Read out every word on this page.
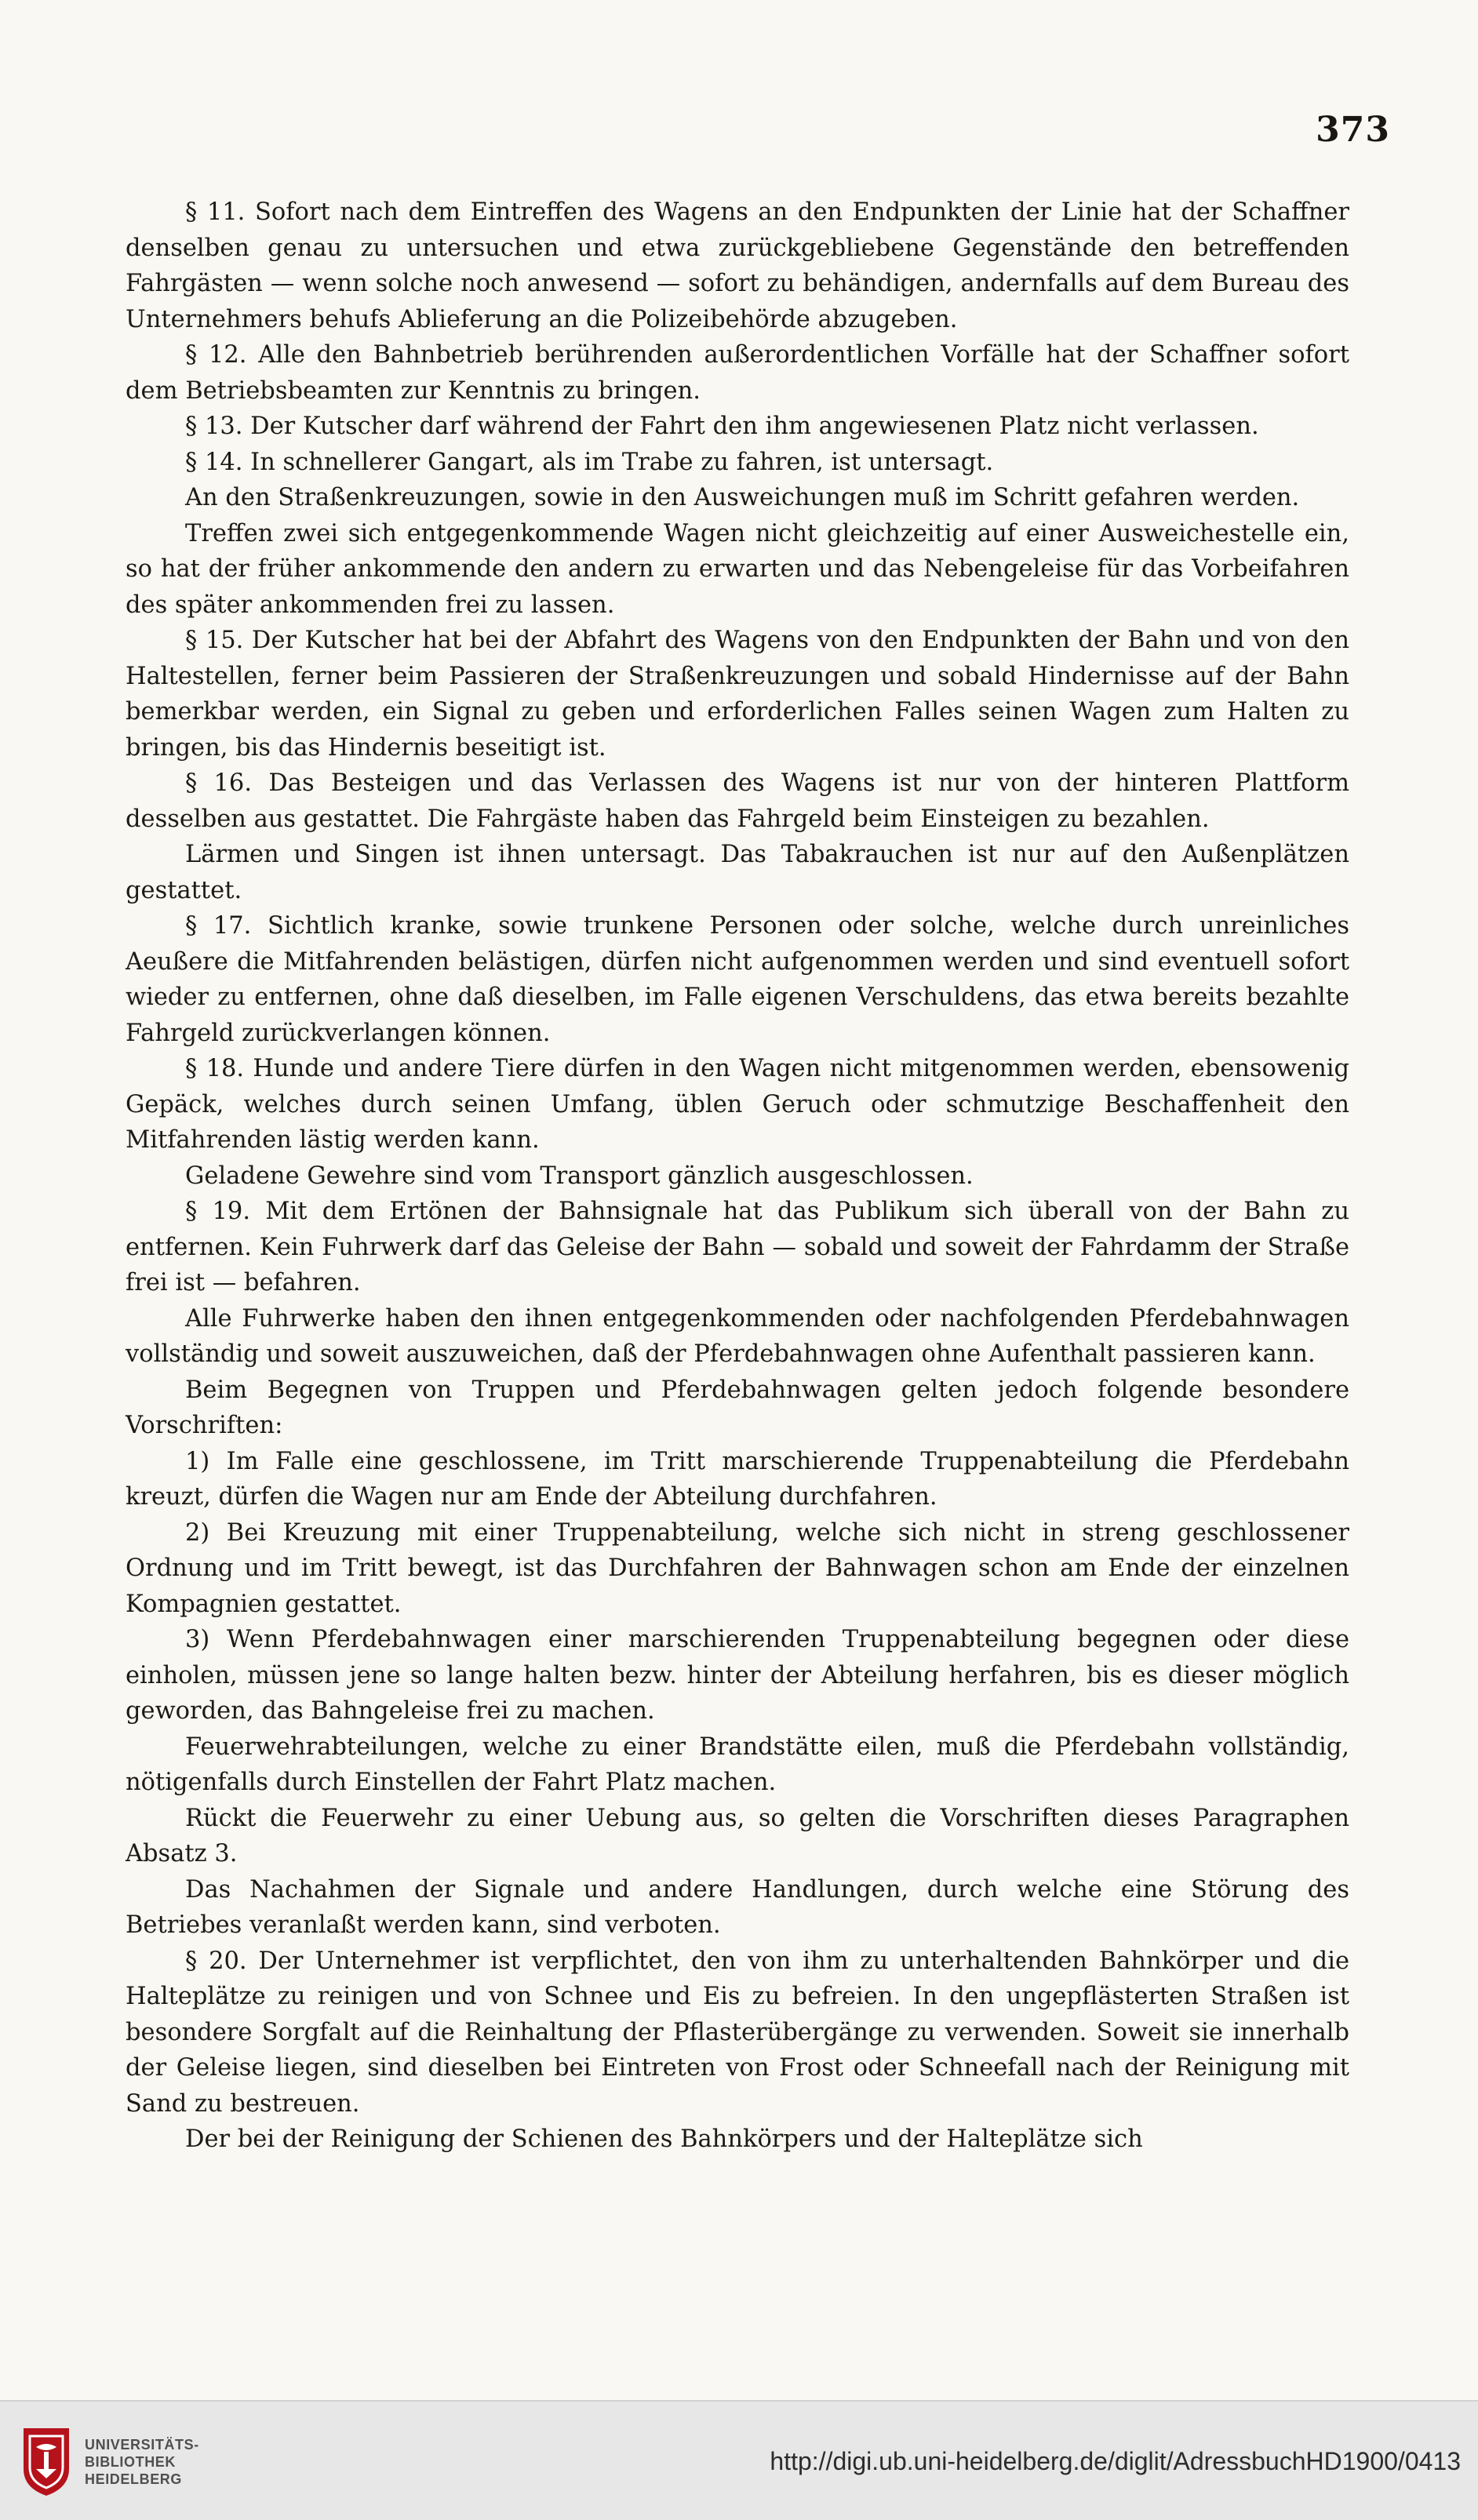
373

§ 11. Sofort nach dem Eintreffen des Wagens an den Endpunkten der Linie hat der Schaffner denselben genau zu untersuchen und etwa zurückgebliebene Gegenstände den betreffenden Fahrgästen — wenn solche noch anwesend — sofort zu behändigen, andernfalls auf dem Bureau des Unternehmers behufs Ablieferung an die Polizeibehörde abzugeben.

§ 12. Alle den Bahnbetrieb berührenden außerordentlichen Vorfälle hat der Schaffner sofort dem Betriebsbeamten zur Kenntnis zu bringen.

§ 13. Der Kutscher darf während der Fahrt den ihm angewiesenen Platz nicht verlassen.

§ 14. In schnellerer Gangart, als im Trabe zu fahren, ist untersagt.

An den Straßenkreuzungen, sowie in den Ausweichungen muß im Schritt gefahren werden.

Treffen zwei sich entgegenkommende Wagen nicht gleichzeitig auf einer Ausweichestelle ein, so hat der früher ankommende den andern zu erwarten und das Nebengeleise für das Vorbeifahren des später ankommenden frei zu lassen.

§ 15. Der Kutscher hat bei der Abfahrt des Wagens von den Endpunkten der Bahn und von den Haltestellen, ferner beim Passieren der Straßenkreuzungen und sobald Hindernisse auf der Bahn bemerkbar werden, ein Signal zu geben und erforderlichen Falles seinen Wagen zum Halten zu bringen, bis das Hindernis beseitigt ist.

§ 16. Das Besteigen und das Verlassen des Wagens ist nur von der hinteren Plattform desselben aus gestattet. Die Fahrgäste haben das Fahrgeld beim Einsteigen zu bezahlen.

Lärmen und Singen ist ihnen untersagt. Das Tabakrauchen ist nur auf den Außenplätzen gestattet.

§ 17. Sichtlich kranke, sowie trunkene Personen oder solche, welche durch unreinliches Aeußere die Mitfahrenden belästigen, dürfen nicht aufgenommen werden und sind eventuell sofort wieder zu entfernen, ohne daß dieselben, im Falle eigenen Verschuldens, das etwa bereits bezahlte Fahrgeld zurückverlangen können.

§ 18. Hunde und andere Tiere dürfen in den Wagen nicht mitgenommen werden, ebensowenig Gepäck, welches durch seinen Umfang, üblen Geruch oder schmutzige Beschaffenheit den Mitfahrenden lästig werden kann.

Geladene Gewehre sind vom Transport gänzlich ausgeschlossen.

§ 19. Mit dem Ertönen der Bahnsignale hat das Publikum sich überall von der Bahn zu entfernen. Kein Fuhrwerk darf das Geleise der Bahn — sobald und soweit der Fahrdamm der Straße frei ist — befahren.

Alle Fuhrwerke haben den ihnen entgegenkommenden oder nachfolgenden Pferdebahnwagen vollständig und soweit auszuweichen, daß der Pferdebahnwagen ohne Aufenthalt passieren kann.

Beim Begegnen von Truppen und Pferdebahnwagen gelten jedoch folgende besondere Vorschriften:

1) Im Falle eine geschlossene, im Tritt marschierende Truppenabteilung die Pferdebahn kreuzt, dürfen die Wagen nur am Ende der Abteilung durchfahren.

2) Bei Kreuzung mit einer Truppenabteilung, welche sich nicht in streng geschlossener Ordnung und im Tritt bewegt, ist das Durchfahren der Bahnwagen schon am Ende der einzelnen Kompagnien gestattet.

3) Wenn Pferdebahnwagen einer marschierenden Truppenabteilung begegnen oder diese einholen, müssen jene so lange halten bezw. hinter der Abteilung herfahren, bis es dieser möglich geworden, das Bahngeleise frei zu machen.

Feuerwehrabteilungen, welche zu einer Brandstätte eilen, muß die Pferdebahn vollständig, nötigenfalls durch Einstellen der Fahrt Platz machen.

Rückt die Feuerwehr zu einer Uebung aus, so gelten die Vorschriften dieses Paragraphen Absatz 3.

Das Nachahmen der Signale und andere Handlungen, durch welche eine Störung des Betriebes veranlaßt werden kann, sind verboten.

§ 20. Der Unternehmer ist verpflichtet, den von ihm zu unterhaltenden Bahnkörper und die Halteplätze zu reinigen und von Schnee und Eis zu befreien. In den ungepflästerten Straßen ist besondere Sorgfalt auf die Reinhaltung der Pflasterübergänge zu verwenden. Soweit sie innerhalb der Geleise liegen, sind dieselben bei Eintreten von Frost oder Schneefall nach der Reinigung mit Sand zu bestreuen.

Der bei der Reinigung der Schienen des Bahnkörpers und der Halteplätze sich

UNIVERSITÄTS-
BIBLIOTHEK
HEIDELBERG
http://digi.ub.uni-heidelberg.de/diglit/AdressbuchHD1900/0413
